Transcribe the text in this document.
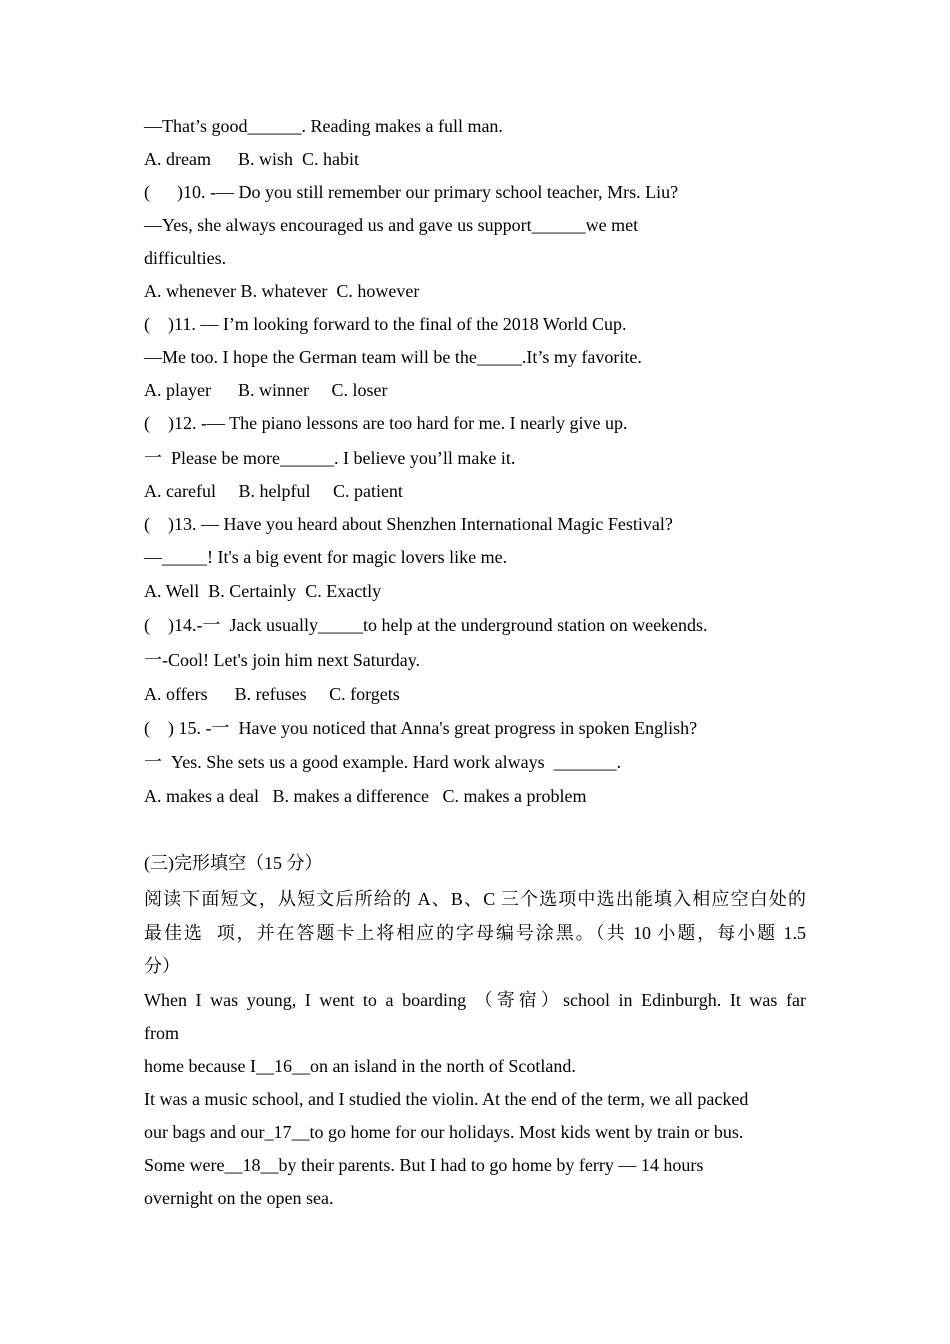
—That’s good______. Reading makes a full man.
A. dream      B. wish  C. habit
(      )10. -— Do you still remember our primary school teacher, Mrs. Liu?
—Yes, she always encouraged us and gave us support______we met
difficulties.
A. whenever B. whatever  C. however
(    )11. — I’m looking forward to the final of the 2018 World Cup.
—Me too. I hope the German team will be the_____.It’s my favorite.
A. player      B. winner     C. loser
(    )12. -— The piano lessons are too hard for me. I nearly give up.
一  Please be more______. I believe you’ll make it.
A. careful     B. helpful     C. patient
(    )13. — Have you heard about Shenzhen International Magic Festival?
—_____! It's a big event for magic lovers like me.
A. Well  B. Certainly  C. Exactly
(    )14.-一  Jack usually_____to help at the underground station on weekends.
一-Cool! Let's join him next Saturday.
A. offers      B. refuses     C. forgets
(    ) 15. -一  Have you noticed that Anna's great progress in spoken English?
一  Yes. She sets us a good example. Hard work always  _______.
A. makes a deal   B. makes a difference   C. makes a problem
(三)完形填空（15 分）
阅读下面短文，从短文后所给的 A、B、C 三个选项中选出能填入相应空白处的
最佳选  项，并在答题卡上将相应的字母编号涂黑。（共 10 小题，每小题 1.5
分）
When I was young, I went to a boarding （寄宿）school in Edinburgh. It was far
from
home because I__16__on an island in the north of Scotland.
It was a music school, and I studied the violin. At the end of the term, we all packed
our bags and our_17__to go home for our holidays. Most kids went by train or bus.
Some were__18__by their parents. But I had to go home by ferry — 14 hours
overnight on the open sea.
